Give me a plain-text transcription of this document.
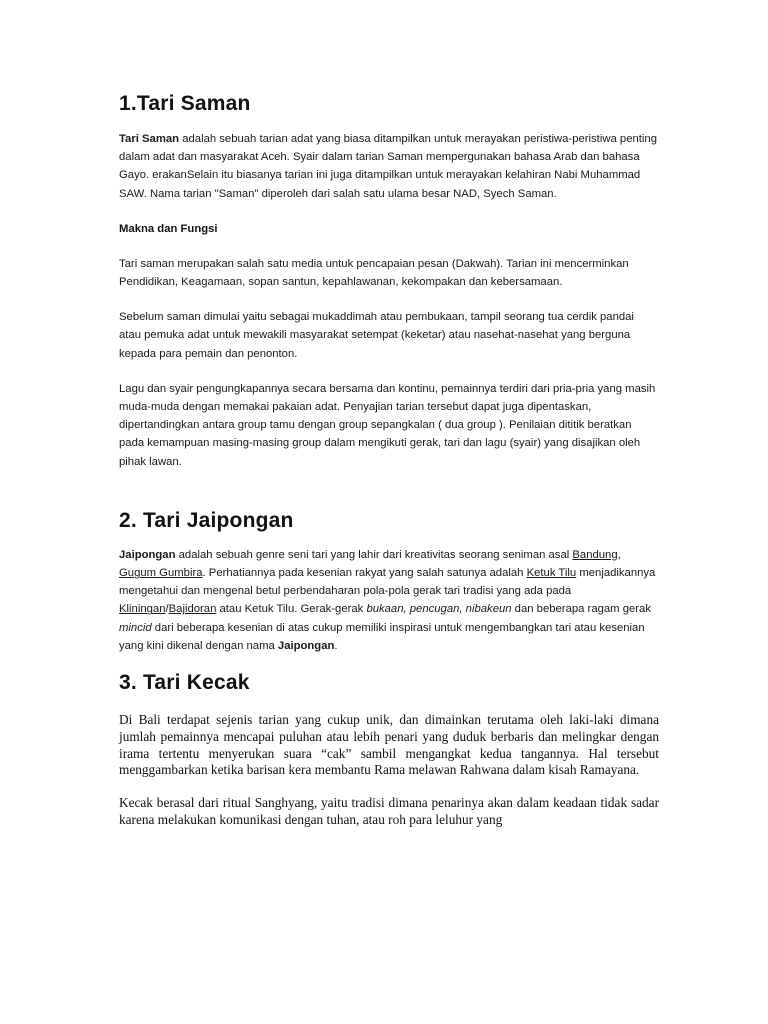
1.Tari Saman

Tari Saman adalah sebuah tarian adat yang biasa ditampilkan untuk merayakan peristiwa-peristiwa penting dalam adat dan masyarakat Aceh. Syair dalam tarian Saman mempergunakan bahasa Arab dan bahasa Gayo. erakanSelain itu biasanya tarian ini juga ditampilkan untuk merayakan kelahiran Nabi Muhammad SAW. Nama tarian "Saman" diperoleh dari salah satu ulama besar NAD, Syech Saman.

Makna dan Fungsi

Tari saman merupakan salah satu media untuk pencapaian pesan (Dakwah). Tarian ini mencerminkan Pendidikan, Keagamaan, sopan santun, kepahlawanan, kekompakan dan kebersamaan.

Sebelum saman dimulai yaitu sebagai mukaddimah atau pembukaan, tampil seorang tua cerdik pandai atau pemuka adat untuk mewakili masyarakat setempat (keketar) atau nasehat-nasehat yang berguna kepada para pemain dan penonton.

Lagu dan syair pengungkapannya secara bersama dan kontinu, pemainnya terdiri dari pria-pria yang masih muda-muda dengan memakai pakaian adat. Penyajian tarian tersebut dapat juga dipentaskan, dipertandingkan antara group tamu dengan group sepangkalan ( dua group ). Penilaian dititik beratkan pada kemampuan masing-masing group dalam mengikuti gerak, tari dan lagu (syair) yang disajikan oleh pihak lawan.

2. Tari Jaipongan

Jaipongan adalah sebuah genre seni tari yang lahir dari kreativitas seorang seniman asal Bandung, Gugum Gumbira. Perhatiannya pada kesenian rakyat yang salah satunya adalah Ketuk Tilu menjadikannya mengetahui dan mengenal betul perbendaharan pola-pola gerak tari tradisi yang ada pada Kliningan/Bajidoran atau Ketuk Tilu. Gerak-gerak bukaan, pencugan, nibakeun dan beberapa ragam gerak mincid dari beberapa kesenian di atas cukup memiliki inspirasi untuk mengembangkan tari atau kesenian yang kini dikenal dengan nama Jaipongan.

3. Tari Kecak

Di Bali terdapat sejenis tarian yang cukup unik, dan dimainkan terutama oleh laki-laki dimana jumlah pemainnya mencapai puluhan atau lebih penari yang duduk berbaris dan melingkar dengan irama tertentu menyerukan suara “cak” sambil mengangkat kedua tangannya. Hal tersebut menggambarkan ketika barisan kera membantu Rama melawan Rahwana dalam kisah Ramayana.

Kecak berasal dari ritual Sanghyang, yaitu tradisi dimana penarinya akan dalam keadaan tidak sadar karena melakukan komunikasi dengan tuhan, atau roh para leluhur yang
